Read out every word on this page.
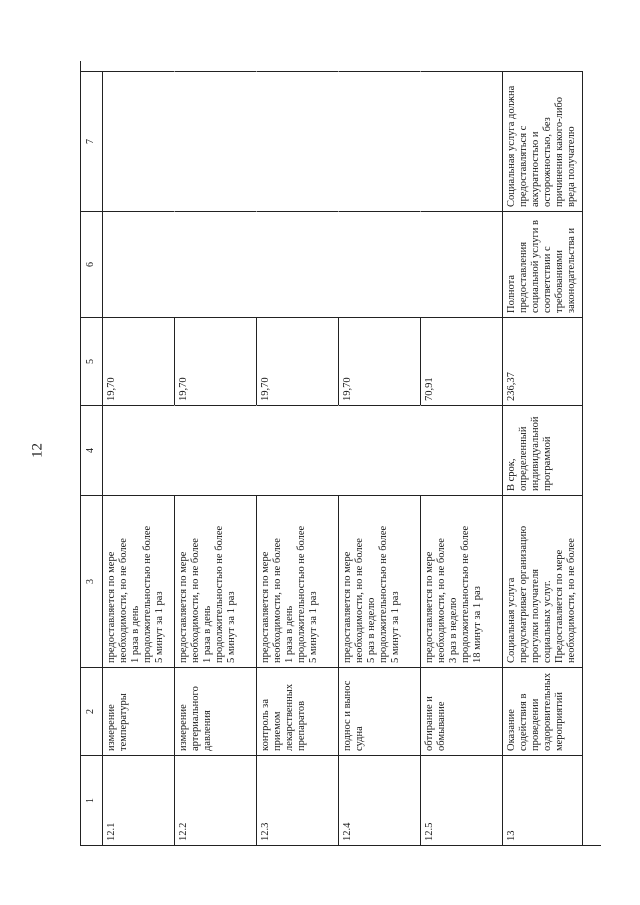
12
1
2
3
4
5
6
7
12.1
измерение
температуры
предоставляется по мере
необходимости, но не более
1 раза в день
продолжительностью не более
5 минут за 1 раз
19,70
12.2
измерение
артериального
давления
предоставляется по мере
необходимости, но не более
1 раза в день
продолжительностью не более
5 минут за 1 раз
19,70
12.3
контроль за
приемом
лекарственных
препаратов
предоставляется по мере
необходимости, но не более
1 раза в день
продолжительностью не более
5 минут за 1 раз
19,70
12.4
поднос и вынос
судна
предоставляется по мере
необходимости, но не более
5 раз в неделю
продолжительностью не более
5 минут за 1 раз
19,70
12.5
обтирание и
обмывание
предоставляется по мере
необходимости, но не более
3 раз в неделю
продолжительностью не более
18 минут за 1 раз
70,91
13
Оказание
содействия в
проведении
оздоровительных
мероприятий
Социальная услуга
предусматривает организацию
прогулки получателя
социальных услуг.
Предоставляется по мере
необходимости, но не более
В срок,
определенный
индивидуальной
программой
236,37
Полнота
предоставления
социальной услуги в
соответствии с
требованиями
законодательства и
Социальная услуга должна
предоставляться с
аккуратностью и
осторожностью, без
причинения какого-либо
вреда получателю
